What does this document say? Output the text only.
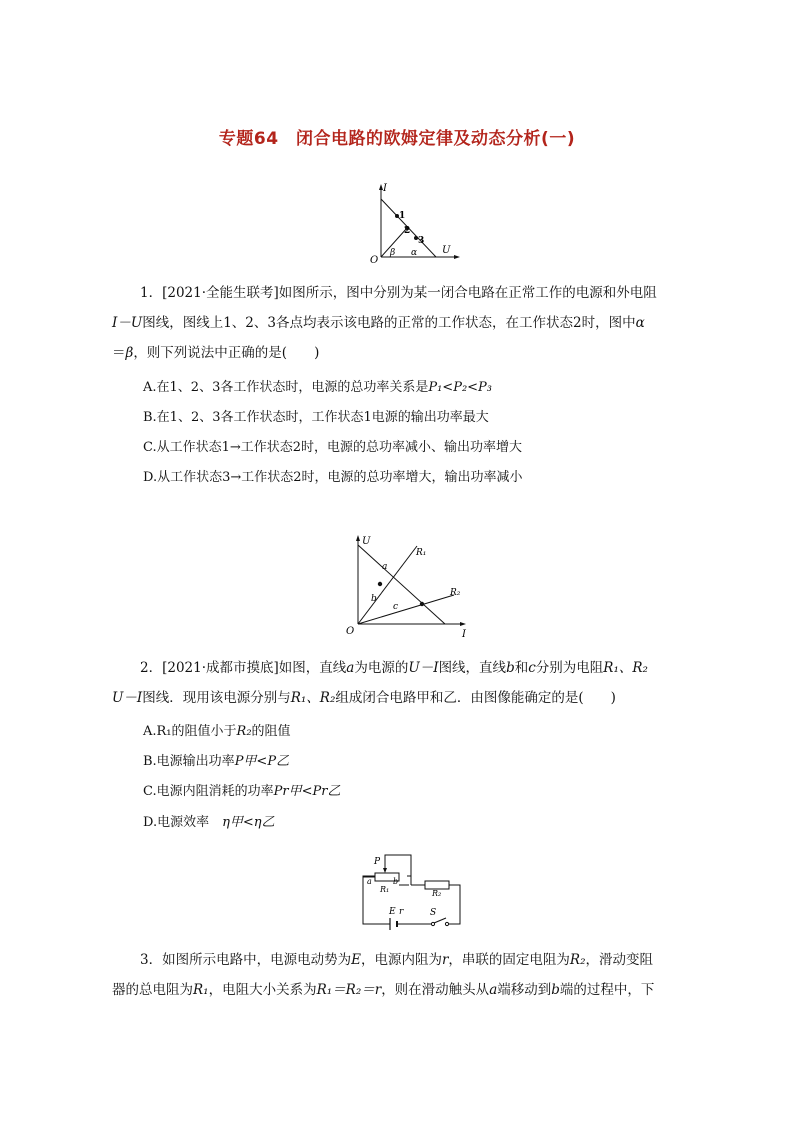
专题64　闭合电路的欧姆定律及动态分析(一)
I
U
O
1
2
3
β α
1．[2021·全能生联考]如图所示，图中分别为某一闭合电路在正常工作的电源和外电阻
I－U图线，图线上1、2、3各点均表示该电路的正常的工作状态，在工作状态2时，图中α
＝β，则下列说法中正确的是(　　)
A.在1、2、3各工作状态时，电源的总功率关系是P₁<P₂<P₃
B.在1、2、3各工作状态时，工作状态1电源的输出功率最大
C.从工作状态1→工作状态2时，电源的总功率减小、输出功率增大
D.从工作状态3→工作状态2时，电源的总功率增大，输出功率减小
U
I
O
R₁
R₂
a
b
c
2．[2021·成都市摸底]如图，直线a为电源的U－I图线，直线b和c分别为电阻R₁、R₂
U－I图线．现用该电源分别与R₁、R₂组成闭合电路甲和乙．由图像能确定的是(　　)
A.R₁的阻值小于R₂的阻值
B.电源输出功率P甲<P乙
C.电源内阻消耗的功率Pr甲<Pr乙
D.电源效率　 η甲<η乙
P
a	b
R₁	R₂
E r	S
3．如图所示电路中，电源电动势为E，电源内阻为r，串联的固定电阻为R₂，滑动变阻
器的总电阻为R₁，电阻大小关系为R₁＝R₂＝r，则在滑动触头从a端移动到b端的过程中，下
